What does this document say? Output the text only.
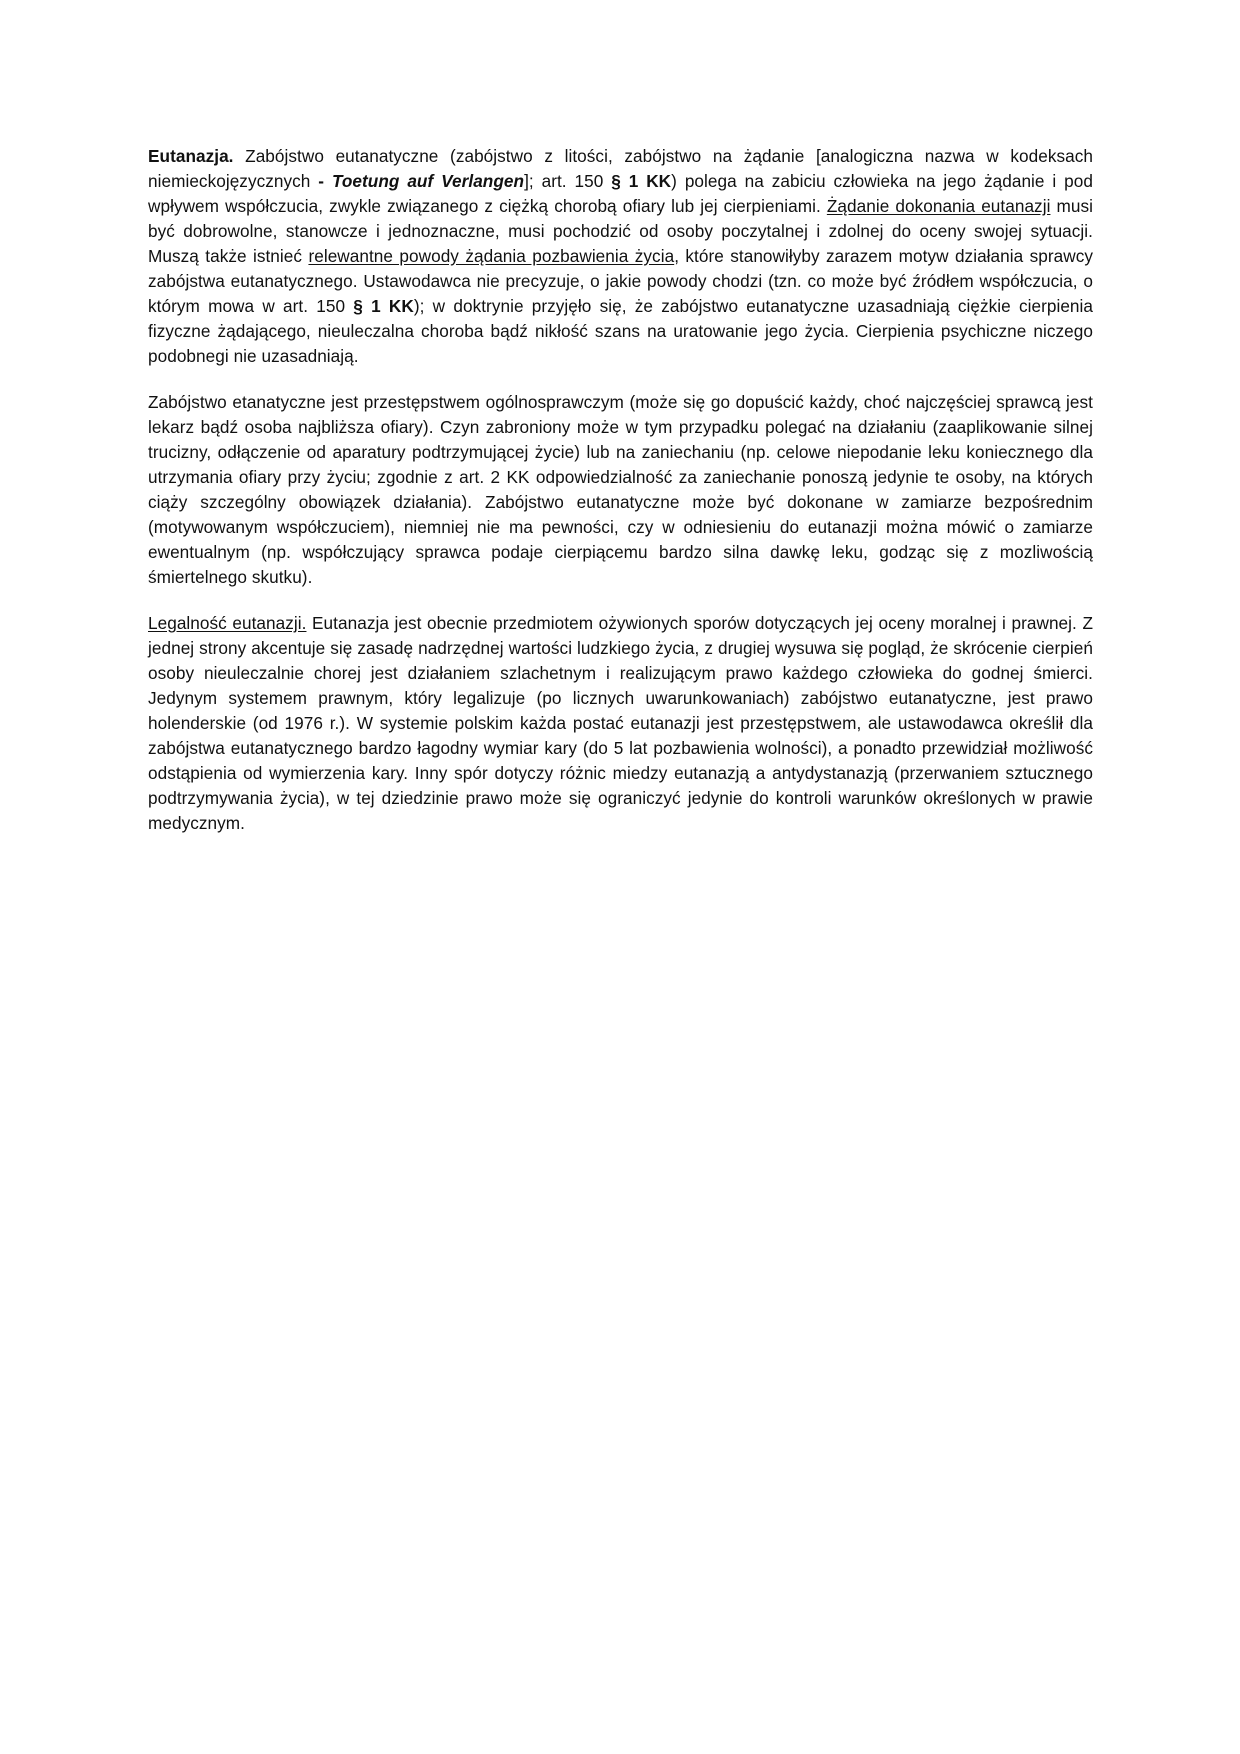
Eutanazja. Zabójstwo eutanatyczne (zabójstwo z litości, zabójstwo na żądanie [analogiczna nazwa w kodeksach niemieckojęzycznych - Toetung auf Verlangen]; art. 150 § 1 KK) polega na zabiciu człowieka na jego żądanie i pod wpływem współczucia, zwykle związanego z ciężką chorobą ofiary lub jej cierpieniami. Żądanie dokonania eutanazji musi być dobrowolne, stanowcze i jednoznaczne, musi pochodzić od osoby poczytalnej i zdolnej do oceny swojej sytuacji. Muszą także istnieć relewantne powody żądania pozbawienia życia, które stanowiłyby zarazem motyw działania sprawcy zabójstwa eutanatycznego. Ustawodawca nie precyzuje, o jakie powody chodzi (tzn. co może być źródłem współczucia, o którym mowa w art. 150 § 1 KK); w doktrynie przyjęło się, że zabójstwo eutanatyczne uzasadniają ciężkie cierpienia fizyczne żądającego, nieuleczalna choroba bądź nikłość szans na uratowanie jego życia. Cierpienia psychiczne niczego podobnegi nie uzasadniają.

Zabójstwo etanatyczne jest przestępstwem ogólnosprawczym (może się go dopuścić każdy, choć najczęściej sprawcą jest lekarz bądź osoba najbliższa ofiary). Czyn zabroniony może w tym przypadku polegać na działaniu (zaaplikowanie silnej trucizny, odłączenie od aparatury podtrzymującej życie) lub na zaniechaniu (np. celowe niepodanie leku koniecznego dla utrzymania ofiary przy życiu; zgodnie z art. 2 KK odpowiedzialność za zaniechanie ponoszą jedynie te osoby, na których ciąży szczególny obowiązek działania). Zabójstwo eutanatyczne może być dokonane w zamiarze bezpośrednim (motywowanym współczuciem), niemniej nie ma pewności, czy w odniesieniu do eutanazji można mówić o zamiarze ewentualnym (np. współczujący sprawca podaje cierpiącemu bardzo silna dawkę leku, godząc się z mozliwością śmiertelnego skutku).

Legalność eutanazji. Eutanazja jest obecnie przedmiotem ożywionych sporów dotyczących jej oceny moralnej i prawnej. Z jednej strony akcentuje się zasadę nadrzędnej wartości ludzkiego życia, z drugiej wysuwa się pogląd, że skrócenie cierpień osoby nieuleczalnie chorej jest działaniem szlachetnym i realizującym prawo każdego człowieka do godnej śmierci. Jedynym systemem prawnym, który legalizuje (po licznych uwarunkowaniach) zabójstwo eutanatyczne, jest prawo holenderskie (od 1976 r.). W systemie polskim każda postać eutanazji jest przestępstwem, ale ustawodawca określił dla zabójstwa eutanatycznego bardzo łagodny wymiar kary (do 5 lat pozbawienia wolności), a ponadto przewidział możliwość odstąpienia od wymierzenia kary. Inny spór dotyczy różnic miedzy eutanazją a antydystanazją (przerwaniem sztucznego podtrzymywania życia), w tej dziedzinie prawo może się ograniczyć jedynie do kontroli warunków określonych w prawie medycznym.
